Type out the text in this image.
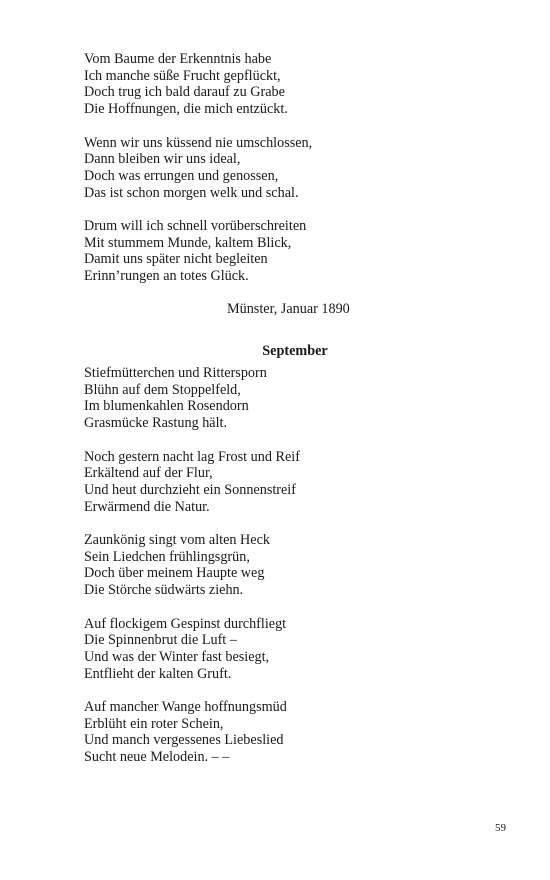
Vom Baume der Erkenntnis habe
Ich manche süße Frucht gepflückt,
Doch trug ich bald darauf zu Grabe
Die Hoffnungen, die mich entzückt.
Wenn wir uns küssend nie umschlossen,
Dann bleiben wir uns ideal,
Doch was errungen und genossen,
Das ist schon morgen welk und schal.
Drum will ich schnell vorüberschreiten
Mit stummem Munde, kaltem Blick,
Damit uns später nicht begleiten
Erinn’rungen an totes Glück.
Münster, Januar 1890
September
Stiefmütterchen und Rittersporn
Blühn auf dem Stoppelfeld,
Im blumenkahlen Rosendorn
Grasmücke Rastung hält.
Noch gestern nacht lag Frost und Reif
Erkältend auf der Flur,
Und heut durchzieht ein Sonnenstreif
Erwärmend die Natur.
Zaunkönig singt vom alten Heck
Sein Liedchen frühlingsgrün,
Doch über meinem Haupte weg
Die Störche südwärts ziehn.
Auf flockigem Gespinst durchfliegt
Die Spinnenbrut die Luft –
Und was der Winter fast besiegt,
Entflieht der kalten Gruft.
Auf mancher Wange hoffnungsmüd
Erblüht ein roter Schein,
Und manch vergessenes Liebeslied
Sucht neue Melodein. – –
59
